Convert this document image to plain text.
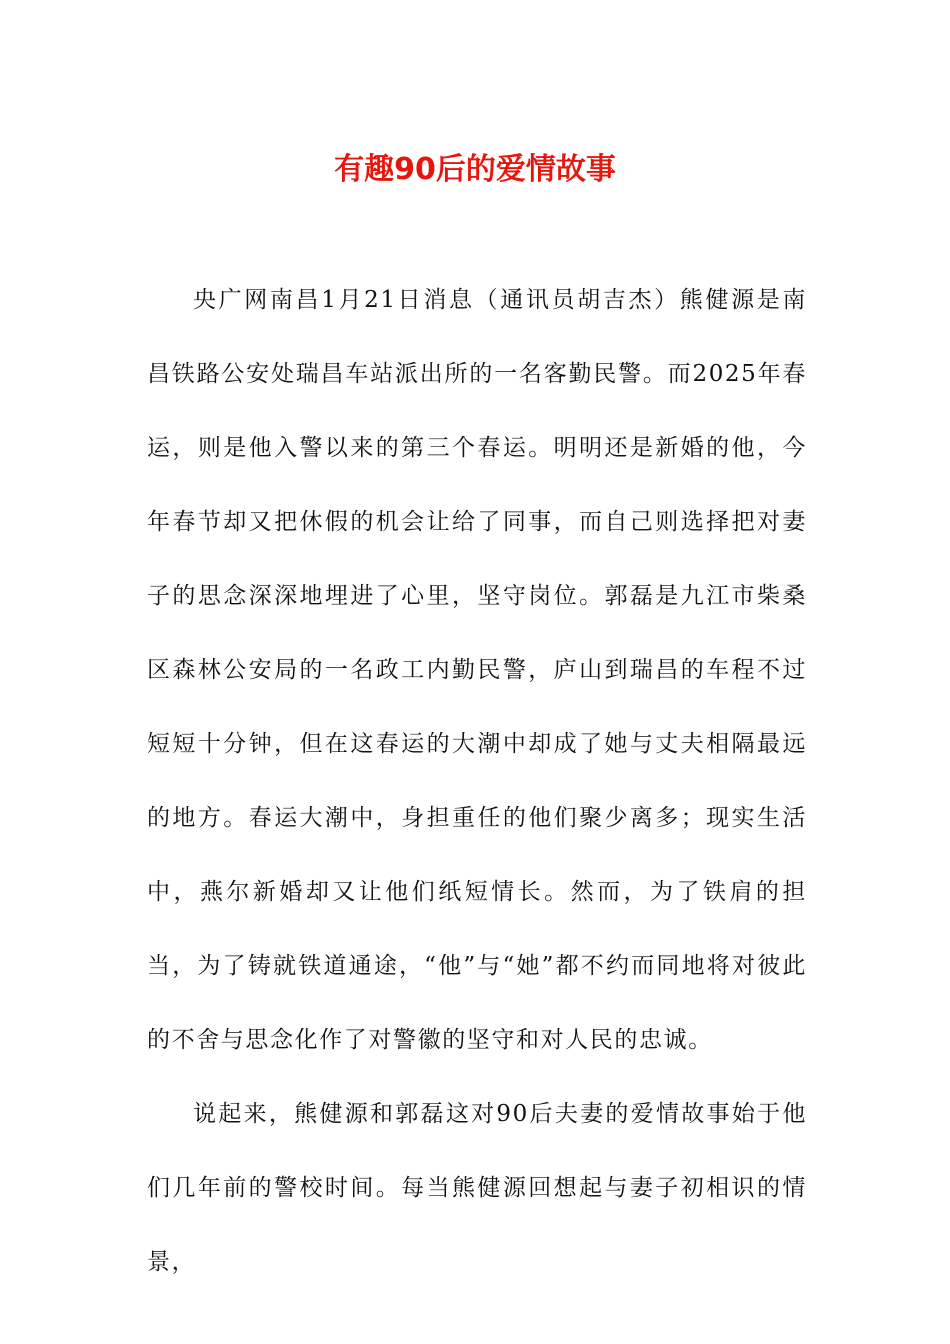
有趣90后的爱情故事

央广网南昌1月21日消息（通讯员胡吉杰）熊健源是南昌铁路公安处瑞昌车站派出所的一名客勤民警。而2025年春运，则是他入警以来的第三个春运。明明还是新婚的他，今年春节却又把休假的机会让给了同事，而自己则选择把对妻子的思念深深地埋进了心里，坚守岗位。郭磊是九江市柴桑区森林公安局的一名政工内勤民警，庐山到瑞昌的车程不过短短十分钟，但在这春运的大潮中却成了她与丈夫相隔最远的地方。春运大潮中，身担重任的他们聚少离多；现实生活中，燕尔新婚却又让他们纸短情长。然而，为了铁肩的担当，为了铸就铁道通途，“他”与“她”都不约而同地将对彼此的不舍与思念化作了对警徽的坚守和对人民的忠诚。

说起来，熊健源和郭磊这对90后夫妻的爱情故事始于他们几年前的警校时间。每当熊健源回想起与妻子初相识的情景，
